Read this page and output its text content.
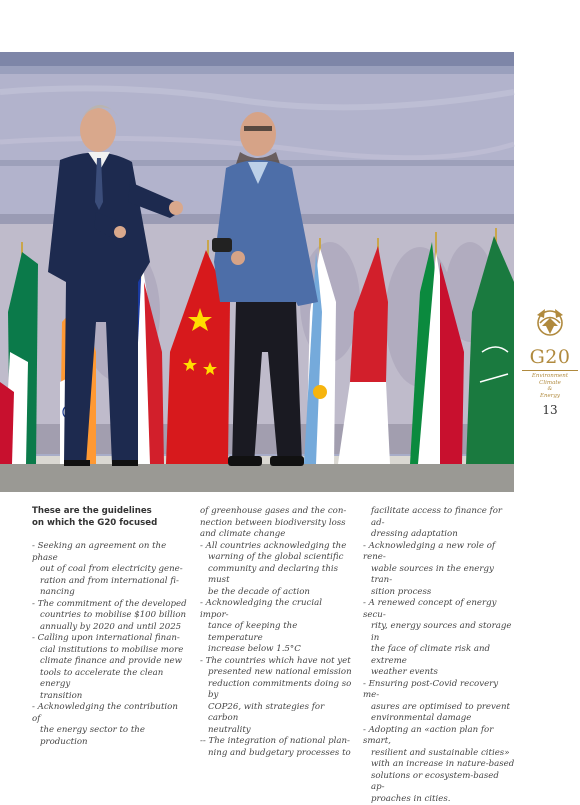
G20
Environment
Climate
&
Energy
13
These are the guidelines
on which the G20 focused

- Seeking an agreement on the phase

out of coal from electricity gene-

ration and from international fi-

nancing

- The commitment of the developed

countries to mobilise $100 billion

annually by 2020 and until 2025

- Calling upon international finan-

cial institutions to mobilise more

climate finance and provide new

tools to accelerate the clean energy

transition

- Acknowledging the contribution of

the energy sector to the production

of greenhouse gases and the con-

nection between biodiversity loss

and climate change

- All countries acknowledging the

warning of the global scientific

community and declaring this must

be the decade of action

- Acknowledging the crucial impor-

tance of keeping the temperature

increase below 1.5°C

- The countries which have not yet

presented new national emission

reduction commitments doing so by

COP26, with strategies for carbon

neutrality

-- The integration of national plan-

ning and budgetary processes to

facilitate access to finance for ad-

dressing adaptation

- Acknowledging a new role of rene-

wable sources in the energy tran-

sition process

- A renewed concept of energy secu-

rity, energy sources and storage in

the face of climate risk and extreme

weather events

- Ensuring post-Covid recovery me-

asures are optimised to prevent

environmental damage

- Adopting an «action plan for smart,

resilient and sustainable cities»

with an increase in nature-based

solutions or ecosystem-based ap-

proaches in cities.
